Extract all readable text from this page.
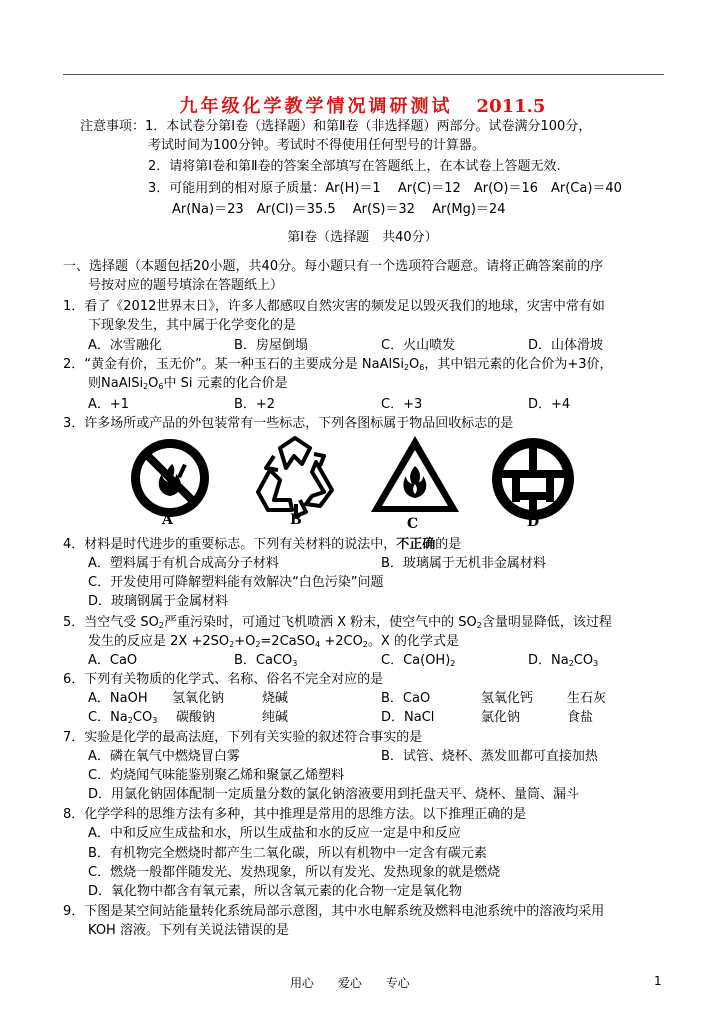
九年级化学教学情况调研测试 2011.5
注意事项：1．本试卷分第Ⅰ卷（选择题）和第Ⅱ卷（非选择题）两部分。试卷满分100分，
考试时间为100分钟。考试时不得使用任何型号的计算器。
2．请将第Ⅰ卷和第Ⅱ卷的答案全部填写在答题纸上，在本试卷上答题无效.
3．可能用到的相对原子质量：Ar(H)＝1　 Ar(C)＝12　Ar(O)＝16　Ar(Ca)＝40
Ar(Na)＝23　Ar(Cl)＝35.5　 Ar(S)＝32　 Ar(Mg)＝24
第Ⅰ卷（选择题　共40分）
一、选择题（本题包括20小题，共40分。每小题只有一个选项符合题意。请将正确答案前的序
号按对应的题号填涂在答题纸上）
1．看了《2012世界末日》，许多人都感叹自然灾害的频发足以毁灭我们的地球，灾害中常有如
下现象发生，其中属于化学变化的是
A．冰雪融化	B．房屋倒塌	C．火山喷发	D．山体滑坡
2．“黄金有价，玉无价”。某一种玉石的主要成分是 $NaAlSi_2O_6$，其中铝元素的化合价为+3价，
则$NaAlSi_2O_6$中 Si 元素的化合价是
A．+1	B．+2	C．+3	D．+4
3．许多场所或产品的外包装常有一些标志，下列各图标属于物品回收标志的是
A	B	C	D
4．材料是时代进步的重要标志。下列有关材料的说法中，不正确的是
A．塑料属于有机合成高分子材料	B．玻璃属于无机非金属材料
C．开发使用可降解塑料能有效解决“白色污染”问题
D．玻璃钢属于金属材料
5．当空气受 $SO_2$严重污染时，可通过飞机喷洒 X 粉末，使空气中的 $SO_2$含量明显降低，该过程
发生的反应是 $2X +2SO_2+O_2=2CaSO_4 +2CO_2$。X 的化学式是
A．CaO	B．CaCO$_3$	C．$Ca(OH)_2$	D．$Na_2CO_3$
6．下列有关物质的化学式、名称、俗名不完全对应的是
A．NaOH 氢氧化钠	烧碱	B．CaO	氢氧化钙	生石灰
C．$Na_2CO_3$ 碳酸钠	纯碱	D．NaCl	氯化钠	食盐
7．实验是化学的最高法庭，下列有关实验的叙述符合事实的是
A．磷在氧气中燃烧冒白雾	B．试管、烧杯、蒸发皿都可直接加热
C．灼烧闻气味能鉴别聚乙烯和聚氯乙烯塑料
D．用氯化钠固体配制一定质量分数的氯化钠溶液要用到托盘天平、烧杯、量筒、漏斗
8．化学学科的思维方法有多种，其中推理是常用的思维方法。以下推理正确的是
A．中和反应生成盐和水，所以生成盐和水的反应一定是中和反应
B．有机物完全燃烧时都产生二氧化碳，所以有机物中一定含有碳元素
C．燃烧一般都伴随发光、发热现象，所以有发光、发热现象的就是燃烧
D．氧化物中都含有氧元素，所以含氧元素的化合物一定是氧化物
9．下图是某空间站能量转化系统局部示意图，其中水电解系统及燃料电池系统中的溶液均采用
KOH 溶液。下列有关说法错误的是
用心 爱心 专心	1
